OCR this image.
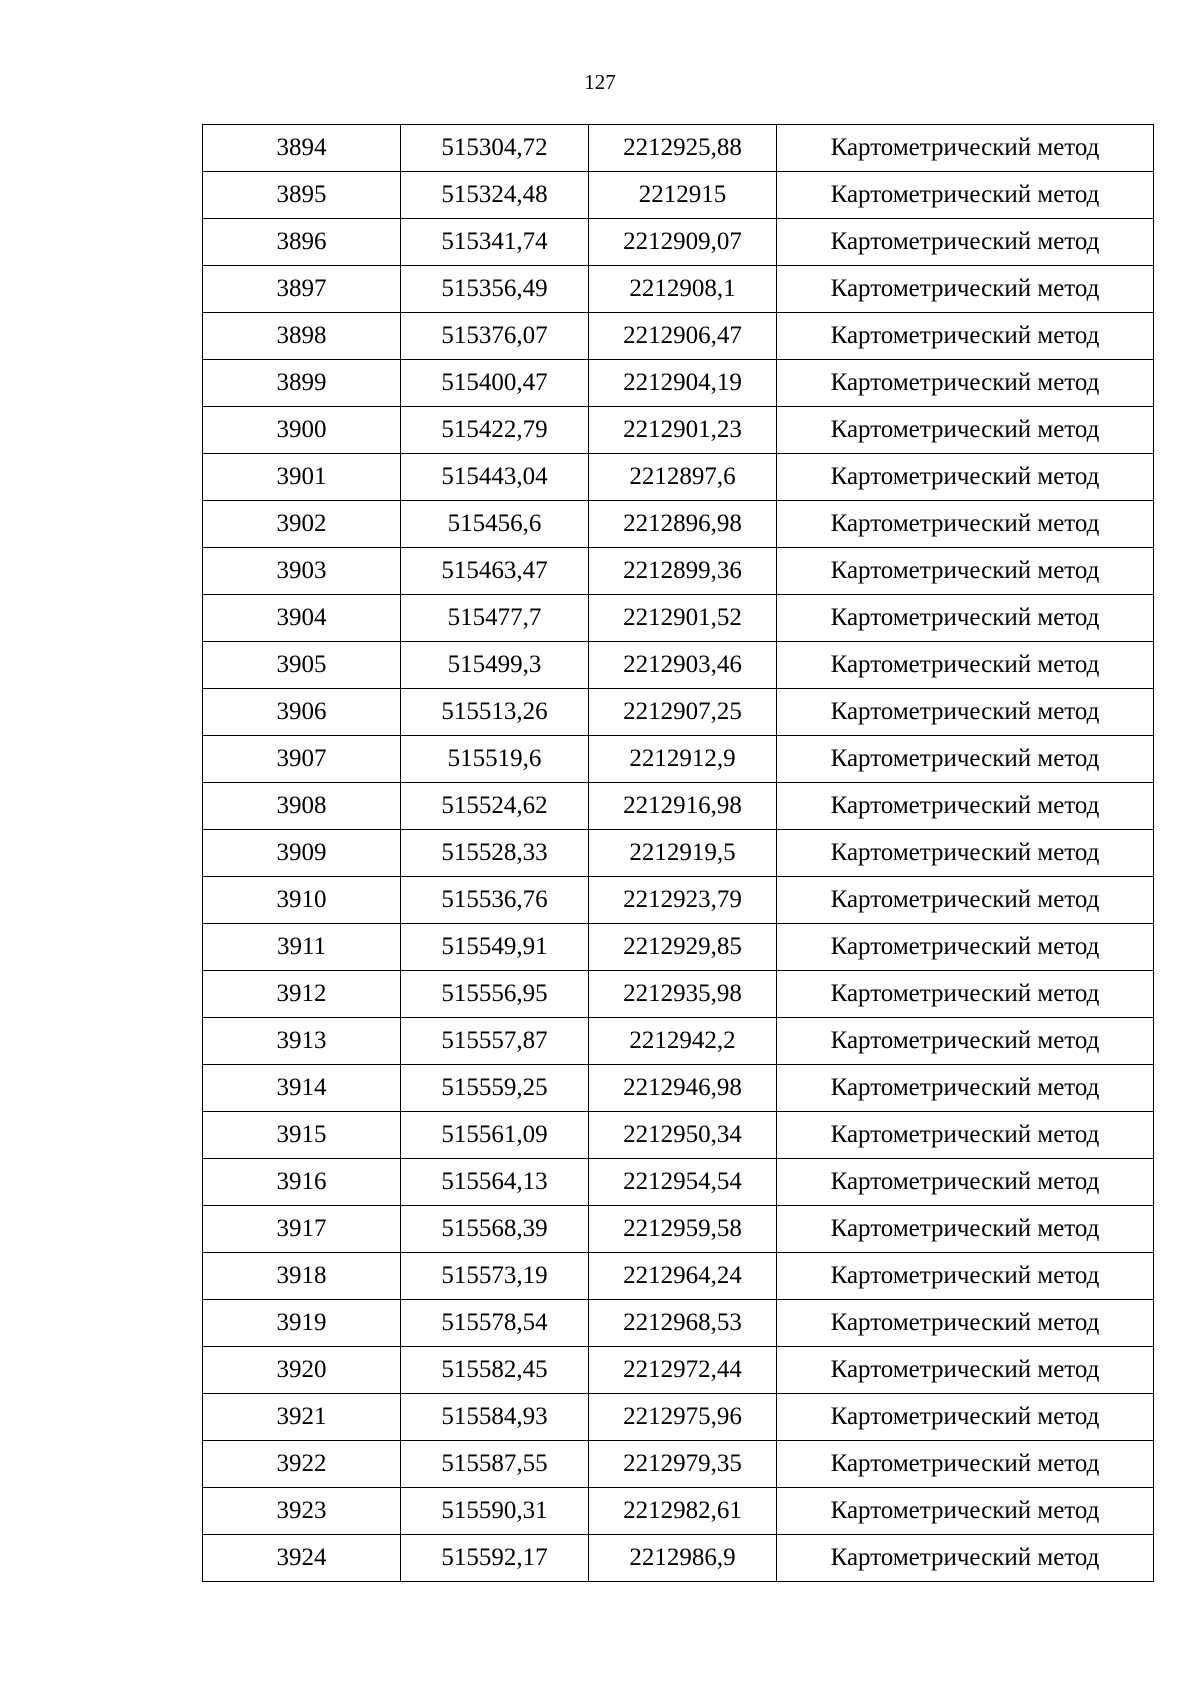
127
3894	515304,72	2212925,88	Картометрический метод
3895	515324,48	2212915	Картометрический метод
3896	515341,74	2212909,07	Картометрический метод
3897	515356,49	2212908,1	Картометрический метод
3898	515376,07	2212906,47	Картометрический метод
3899	515400,47	2212904,19	Картометрический метод
3900	515422,79	2212901,23	Картометрический метод
3901	515443,04	2212897,6	Картометрический метод
3902	515456,6	2212896,98	Картометрический метод
3903	515463,47	2212899,36	Картометрический метод
3904	515477,7	2212901,52	Картометрический метод
3905	515499,3	2212903,46	Картометрический метод
3906	515513,26	2212907,25	Картометрический метод
3907	515519,6	2212912,9	Картометрический метод
3908	515524,62	2212916,98	Картометрический метод
3909	515528,33	2212919,5	Картометрический метод
3910	515536,76	2212923,79	Картометрический метод
3911	515549,91	2212929,85	Картометрический метод
3912	515556,95	2212935,98	Картометрический метод
3913	515557,87	2212942,2	Картометрический метод
3914	515559,25	2212946,98	Картометрический метод
3915	515561,09	2212950,34	Картометрический метод
3916	515564,13	2212954,54	Картометрический метод
3917	515568,39	2212959,58	Картометрический метод
3918	515573,19	2212964,24	Картометрический метод
3919	515578,54	2212968,53	Картометрический метод
3920	515582,45	2212972,44	Картометрический метод
3921	515584,93	2212975,96	Картометрический метод
3922	515587,55	2212979,35	Картометрический метод
3923	515590,31	2212982,61	Картометрический метод
3924	515592,17	2212986,9	Картометрический метод
